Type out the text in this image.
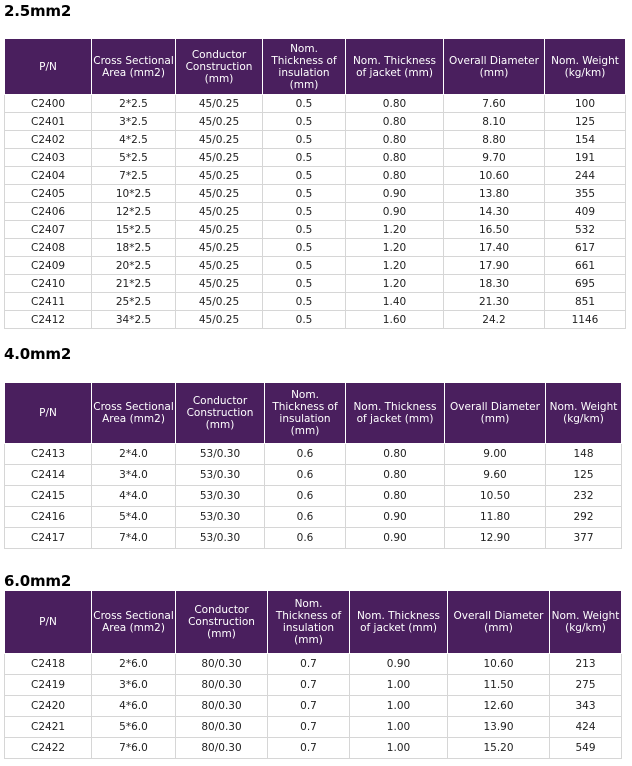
2.5mm2
P/N	Cross Sectional Area (mm2)	Conductor Construction (mm)	Nom. Thickness of insulation (mm)	Nom. Thickness of jacket (mm)	Overall Diameter (mm)	Nom. Weight (kg/km)
C2400	2*2.5	45/0.25	0.5	0.80	7.60	100
C2401	3*2.5	45/0.25	0.5	0.80	8.10	125
C2402	4*2.5	45/0.25	0.5	0.80	8.80	154
C2403	5*2.5	45/0.25	0.5	0.80	9.70	191
C2404	7*2.5	45/0.25	0.5	0.80	10.60	244
C2405	10*2.5	45/0.25	0.5	0.90	13.80	355
C2406	12*2.5	45/0.25	0.5	0.90	14.30	409
C2407	15*2.5	45/0.25	0.5	1.20	16.50	532
C2408	18*2.5	45/0.25	0.5	1.20	17.40	617
C2409	20*2.5	45/0.25	0.5	1.20	17.90	661
C2410	21*2.5	45/0.25	0.5	1.20	18.30	695
C2411	25*2.5	45/0.25	0.5	1.40	21.30	851
C2412	34*2.5	45/0.25	0.5	1.60	24.2	1146
4.0mm2
P/N	Cross Sectional Area (mm2)	Conductor Construction (mm)	Nom. Thickness of insulation (mm)	Nom. Thickness of jacket (mm)	Overall Diameter (mm)	Nom. Weight (kg/km)
C2413	2*4.0	53/0.30	0.6	0.80	9.00	148
C2414	3*4.0	53/0.30	0.6	0.80	9.60	125
C2415	4*4.0	53/0.30	0.6	0.80	10.50	232
C2416	5*4.0	53/0.30	0.6	0.90	11.80	292
C2417	7*4.0	53/0.30	0.6	0.90	12.90	377
6.0mm2
P/N	Cross Sectional Area (mm2)	Conductor Construction (mm)	Nom. Thickness of insulation (mm)	Nom. Thickness of jacket (mm)	Overall Diameter (mm)	Nom. Weight (kg/km)
C2418	2*6.0	80/0.30	0.7	0.90	10.60	213
C2419	3*6.0	80/0.30	0.7	1.00	11.50	275
C2420	4*6.0	80/0.30	0.7	1.00	12.60	343
C2421	5*6.0	80/0.30	0.7	1.00	13.90	424
C2422	7*6.0	80/0.30	0.7	1.00	15.20	549
